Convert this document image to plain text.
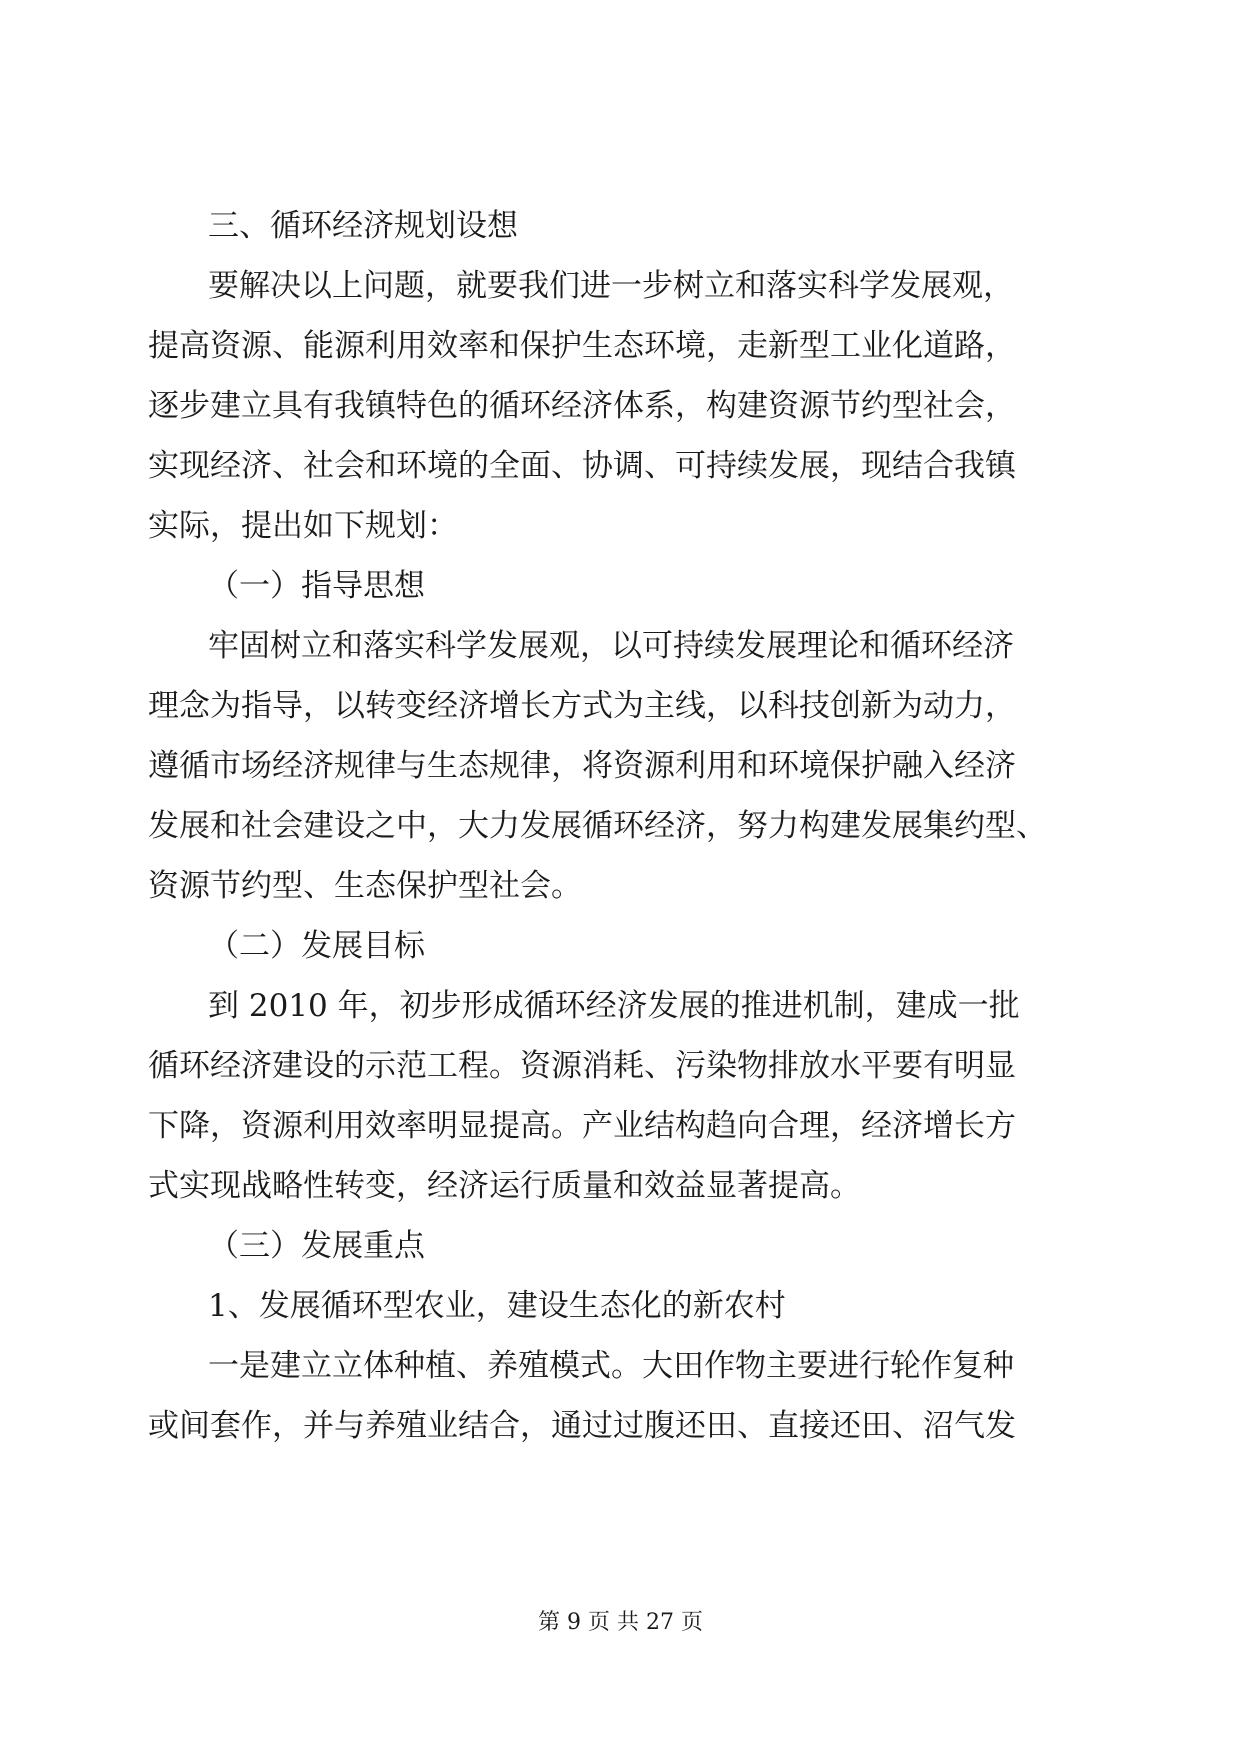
三、循环经济规划设想
要解决以上问题，就要我们进一步树立和落实科学发展观，
提高资源、能源利用效率和保护生态环境，走新型工业化道路，
逐步建立具有我镇特色的循环经济体系，构建资源节约型社会，
实现经济、社会和环境的全面、协调、可持续发展，现结合我镇
实际，提出如下规划：
（一）指导思想
牢固树立和落实科学发展观，以可持续发展理论和循环经济
理念为指导，以转变经济增长方式为主线，以科技创新为动力，
遵循市场经济规律与生态规律，将资源利用和环境保护融入经济
发展和社会建设之中，大力发展循环经济，努力构建发展集约型、
资源节约型、生态保护型社会。
（二）发展目标
到 2010 年，初步形成循环经济发展的推进机制，建成一批
循环经济建设的示范工程。资源消耗、污染物排放水平要有明显
下降，资源利用效率明显提高。产业结构趋向合理，经济增长方
式实现战略性转变，经济运行质量和效益显著提高。
（三）发展重点
1、发展循环型农业，建设生态化的新农村
一是建立立体种植、养殖模式。大田作物主要进行轮作复种
或间套作，并与养殖业结合，通过过腹还田、直接还田、沼气发
第 9 页 共 27 页
